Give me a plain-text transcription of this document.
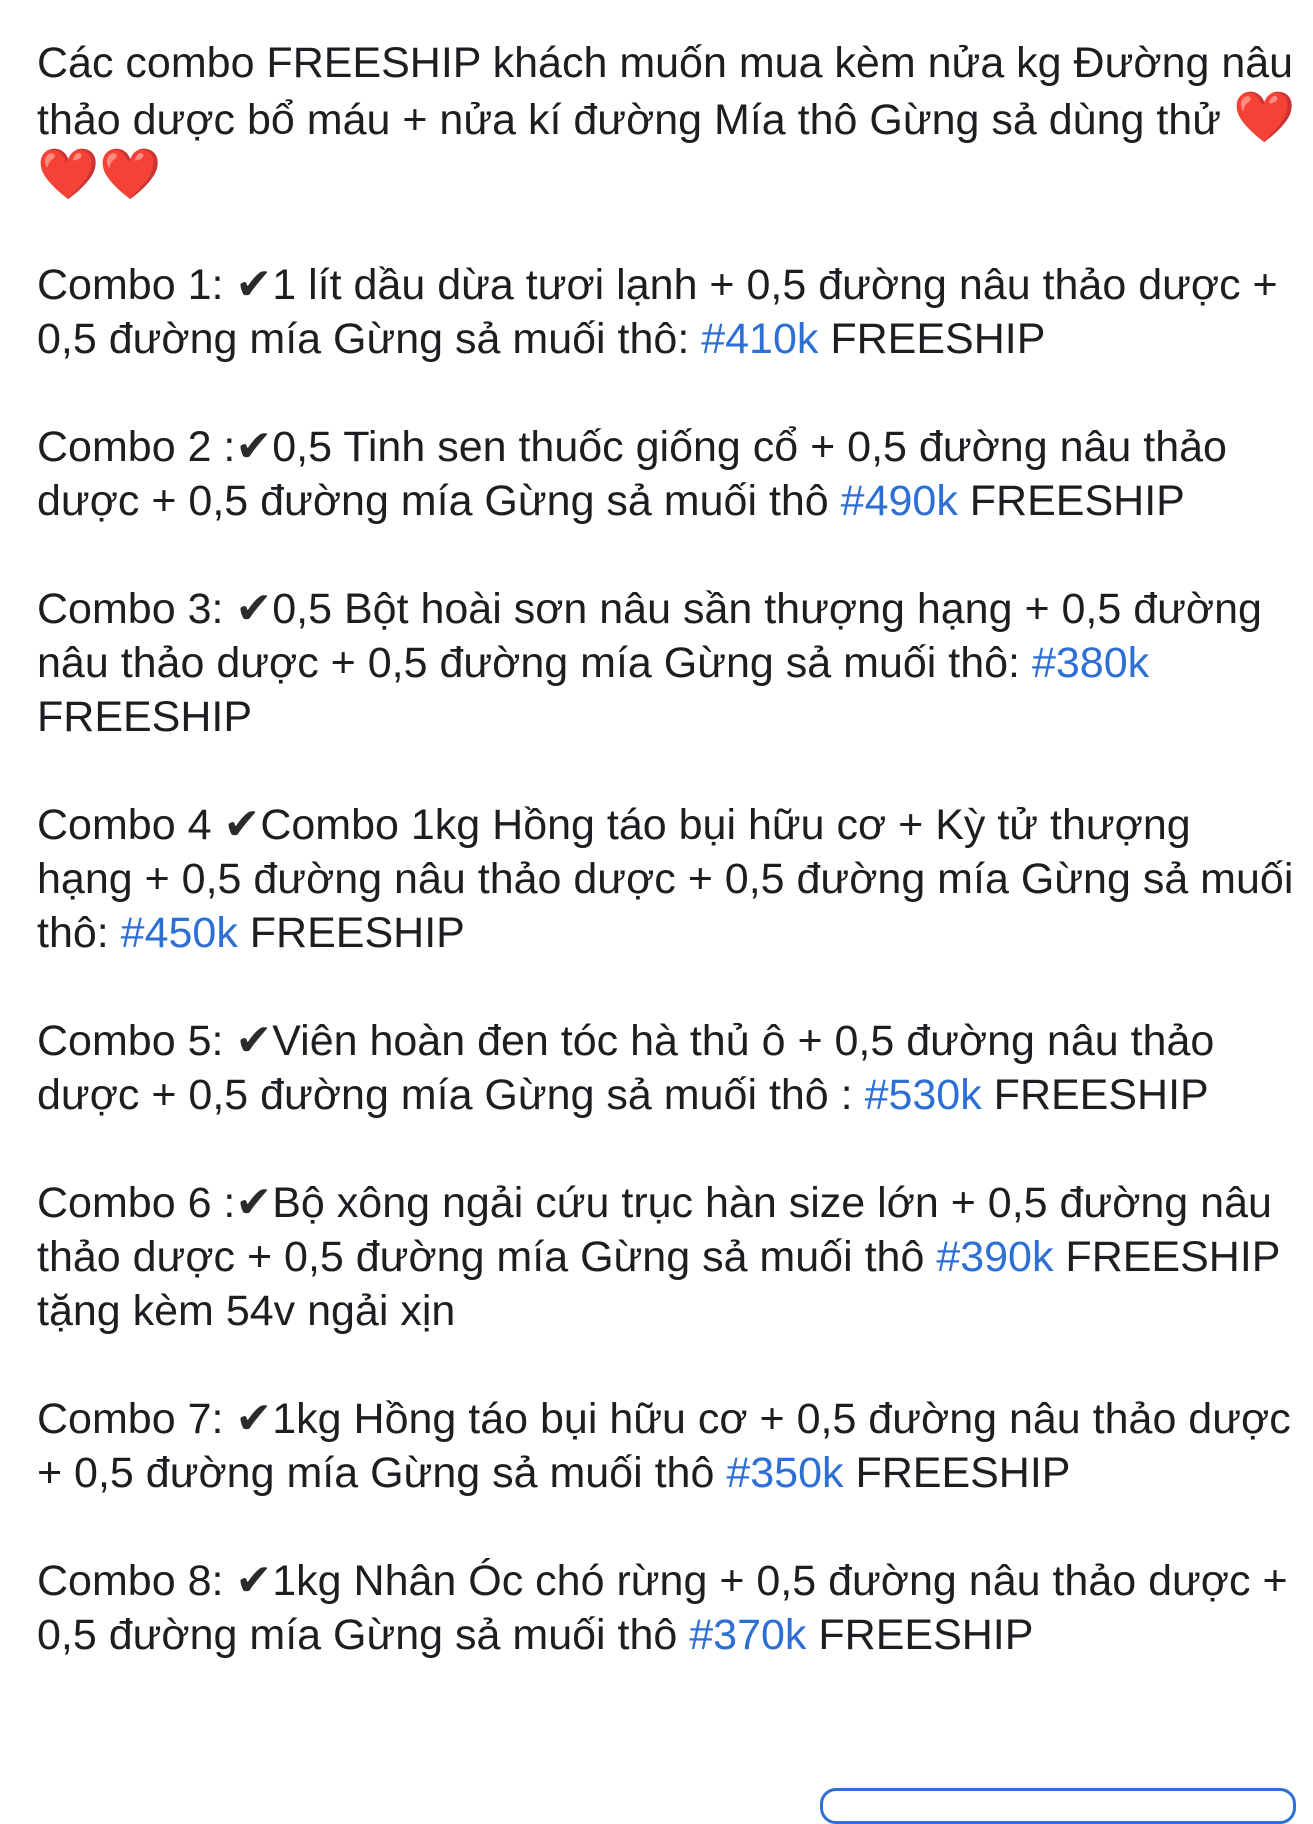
Các combo FREESHIP khách muốn mua kèm nửa kg Đường nâu thảo dược bổ máu + nửa kí đường Mía thô Gừng sả dùng thử ❤️❤️❤️

Combo 1: ✔1 lít dầu dừa tươi lạnh + 0,5 đường nâu thảo dược + 0,5 đường mía Gừng sả muối thô: #410k FREESHIP

Combo 2 :✔0,5 Tinh sen thuốc giống cổ + 0,5 đường nâu thảo dược + 0,5 đường mía Gừng sả muối thô #490k FREESHIP

Combo 3: ✔0,5 Bột hoài sơn nâu sần thượng hạng + 0,5 đường nâu thảo dược + 0,5 đường mía Gừng sả muối thô: #380k FREESHIP

Combo 4 ✔Combo 1kg Hồng táo bụi hữu cơ + Kỳ tử thượng hạng + 0,5 đường nâu thảo dược + 0,5 đường mía Gừng sả muối thô: #450k FREESHIP

Combo 5: ✔Viên hoàn đen tóc hà thủ ô + 0,5 đường nâu thảo dược + 0,5 đường mía Gừng sả muối thô : #530k FREESHIP

Combo 6 :✔Bộ xông ngải cứu trục hàn size lớn + 0,5 đường nâu thảo dược + 0,5 đường mía Gừng sả muối thô #390k FREESHIP tặng kèm 54v ngải xịn

Combo 7: ✔1kg Hồng táo bụi hữu cơ + 0,5 đường nâu thảo dược + 0,5 đường mía Gừng sả muối thô #350k FREESHIP

Combo 8: ✔1kg Nhân Óc chó rừng + 0,5 đường nâu thảo dược + 0,5 đường mía Gừng sả muối thô #370k FREESHIP
